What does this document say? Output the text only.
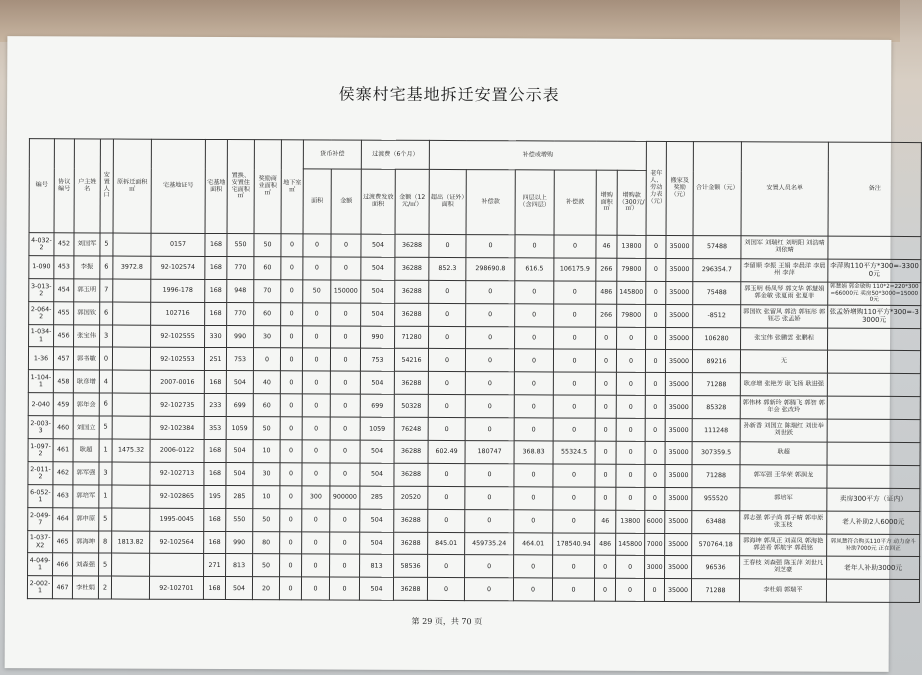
侯寨村宅基地拆迁安置公示表
编号	协议编号	户主姓名	安置人口	原拆迁面积㎡	宅基地证号	宅基地面积	置换、安置住宅面积㎡	奖励商业面积㎡	地下室㎡	货币补偿		过渡费（6个月）		补偿或增购						老年人、劳动力表（元）	搬家及奖励（元）	合计金额（元）	安置人员名单	备注
										面积	金额	过渡费发放面积	金额（12元/㎡）	超出（证外）面积	补偿款	四层以上（含四层）	补偿款	增购面积㎡	增购款（300元/㎡）					
4-032-2	452	刘国军	5		0157	168	550	50	0	0	0	504	36288	0	0	0	0	46	13800	0	35000	57488	刘国军 刘瑞红 刘明阳 刘浩晴 刘依晴	
1-090	453	李振	6	3972.8	92-102574	168	770	60	0	0	0	504	36288	852.3	298690.8	616.5	106175.9	266	79800	0	35000	296354.7	李留顺 李振 王娟 李晨洋 李晨州 李萍	李萍购110平方*300=-33000元
3-013-2	454	郭玉明	7		1996-178	168	948	70	0	50	150000	504	36288	0	0	0	0	486	145800	0	35000	75488	郭玉明 杨凤琴 郭文华 郭慧娟 郭金敏 张夏雨 张夏菲	郭慧娟 郭金敏购 110*2=220*300=66000元 卖房50*3000=150000元
2-064-2	455	郭国钦	6		102716	168	770	60	0	0	0	504	36288	0	0	0	0	266	79800	0	35000	-8512	郭国钦 张留风 郭浩 郭钰彤 郭钰芯 张孟娇	张孟娇增购110平方*300=-33000元
1-034-1	456	张宝伟	3		92-102555	330	990	30	0	0	0	990	71280	0	0	0	0	0	0	0	35000	106280	张宝伟 张鹏雲 张鹏程	
1-36	457	郭书敏	0		92-102553	251	753	0	0	0	0	753	54216	0	0	0	0	0	0	0	35000	89216	无	
1-104-1	458	耿彦增	4		2007-0016	168	504	40	0	0	0	504	36288	0	0	0	0	0	0	0	35000	71288	耿彦增 张艳芳 耿飞扬 耿进强	
2-040	459	郭年会	6		92-102735	233	699	60	0	0	0	699	50328	0	0	0	0	0	0	0	35000	85328	郭伟林 郭新玲 郭腾飞 郭智 郭年会 张改玲	
2-003-3	460	刘国立	5		92-102384	353	1059	50	0	0	0	1059	76248	0	0	0	0	0	0	0	35000	111248	孙新香 刘国立 陈瑞红 刘世举 刘世跃	
1-097-2	461	耿超	1	1475.32	2006-0122	168	504	10	0	0	0	504	36288	602.49	180747	368.83	55324.5	0	0	0	35000	307359.5	耿超	
2-011-2	462	郭军强	3		92-102713	168	504	30	0	0	0	504	36288	0	0	0	0	0	0	0	35000	71288	郭军强 王华荣 郭润龙	
6-052-1	463	郭培军	1		92-102865	195	285	10	0	300	900000	285	20520	0	0	0	0	0	0	0	35000	955520	郭培军	卖房300平方（证内）
2-049-7	464	郭申原	5		1995-0045	168	550	50	0	0	0	504	36288	0	0	0	0	46	13800	6000	35000	63488	郭志强 郭子尚 郭子晴 郭申原 张玉枝	老人补助2人6000元
1-037-X2	465	郭海坤	8	1813.82	92-102564	168	990	80	0	0	0	504	36288	845.01	459735.24	464.01	178540.94	486	145800	7000	35000	570764.18	郭海坤 郭凤正 刘喜凤 郭海艳 郭芸希 郭航宇 郭晨铭	郭凤慧符合购买110平方 动力奋斗补助7000元 正在回正
4-049-1	466	刘森强	5			271	813	50	0	0	0	813	58536	0	0	0	0	0	0	3000	35000	96536	王春枝 刘森强 陈玉萍 刘世凡 刘芝豪	老年人补助3000元
2-002-1	467	李杜娟	2		92-102701	168	504	20	0	0	0	504	36288	0	0	0	0	0	0	0	35000	71288	李杜娟 郭瑞平	
第 29 页，共 70 页
